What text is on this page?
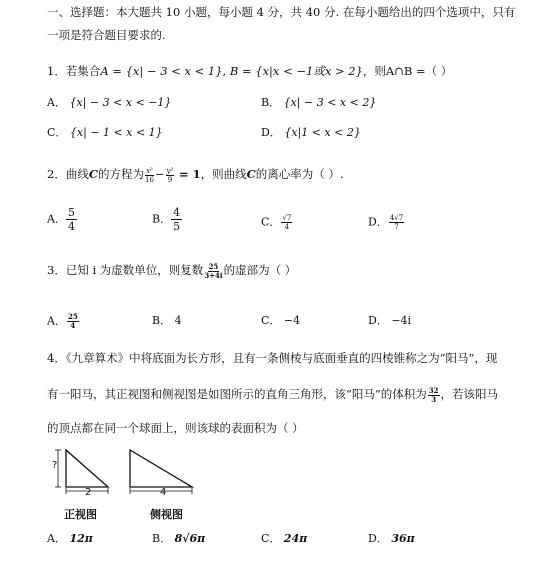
一、选择题：本大题共 10 小题，每小题 4 分，共 40 分. 在每小题给出的四个选项中，只有
一项是符合题目要求的.
1．若集合A = {x| − 3 < x < 1}, B = {x|x < −1或x > 2}，则A∩B =（ ）
A． {x| − 3 < x < −1}	B． {x| − 3 < x < 2}
C． {x| − 1 < x < 1}	D． {x|1 < x < 2}
2．曲线C的方程为 $\frac{\text{x²}}{16} - \frac{\text{y²}}{9} = 1$，则曲线C的离心率为（ ）.
A． $\frac{5}{4}$	B． $\frac{4}{5}$	C． $\frac{√7}{4}$	D． $\frac{4√7}{7}$
3．已知 i 为虚数单位，则复数 $\frac{25}{3+4i}$ 的虚部为（ ）
A． $\frac{25}{4}$	B． 4	C． −4	D． −4i
4．《九章算术》中将底面为长方形，且有一条侧棱与底面垂直的四棱锥称之为“阳马”，现
有一阳马，其正视图和侧视图是如图所示的直角三角形，该“阳马”的体积为 $\frac{32}{3}$ ，若该阳马
的顶点都在同一个球面上，则该球的表面积为（ ）
?
2	4
正视图	侧视图
A． 12π	B． 8√6π	C． 24π	D． 36π
